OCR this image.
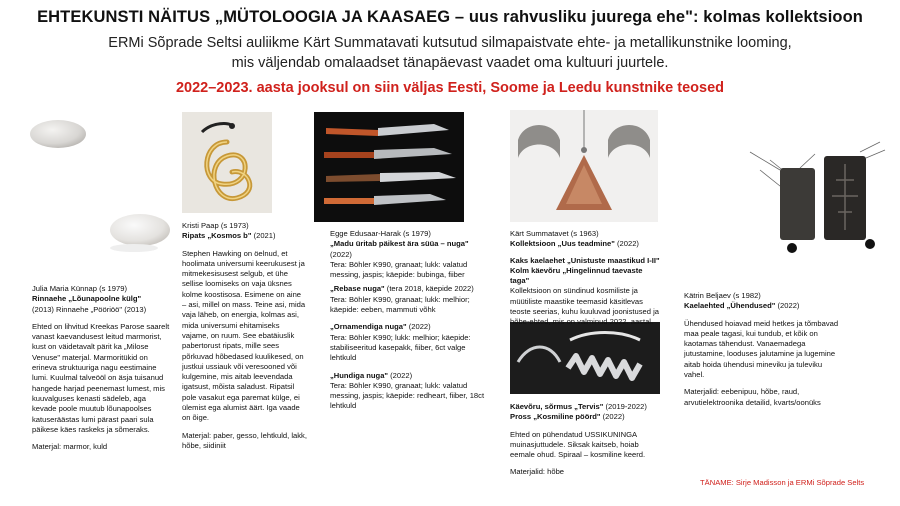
EHTEKUNSTI NÄITUS „MÜTOLOOGIA JA KAASAEG – uus rahvusliku juurega ehe": kolmas kollektsioon
ERMi Sõprade Seltsi auliikme Kärt Summatavati kutsutud silmapaistvate ehte- ja metallikunstnike looming,
mis väljendab omalaadset tänapäevast vaadet oma kultuuri juurtele.
2022–2023. aasta jooksul on siin väljas Eesti, Soome ja Leedu kunstnike teosed

Julia Maria Künnap (s 1979)
Rinnaehe „Lõunapoolne külg"
(2013) Rinnaehe „Pööriöö" (2013)

Ehted on lihvitud Kreekas Parose saarelt vanast kaevandusest leitud marmorist, kust on väidetavalt pärit ka „Milose Venuse" materjal. Marmoritükid on erineva struktuuriga nagu eestimaine lumi. Kuulmal talveööl on äsja tuisanud hangede harjad peenemast lumest, mis kuuvalguses kenasti sädeleb, aga kevade poole muutub lõunapoolses katuseräästas lumi pärast paari sula päikese käes raskeks ja sõmeraks.

Materjal: marmor, kuld

Kristi Paap (s 1973)
Ripats „Kosmos b" (2021)

Stephen Hawking on öelnud, et hoolimata universumi keerukusest ja mitmekesisusest selgub, et ühe sellise loomiseks on vaja üksnes kolme koostisosa. Esimene on aine – asi, millel on mass. Teine asi, mida vaja läheb, on energia, kolmas asi, mida universumi ehitamiseks vajame, on ruum. See ebatäiuslik pabertorust ripats, mille sees põrkuvad hõbedased kuulikesed, on justkui ussiauk või veresooned või kulgemine, mis aitab leevendada igatsust, mõista saladust. Ripatsil pole vasakut ega paremat külge, ei ülemist ega alumist äärt. Iga vaade on õige.

Materjal: paber, gesso, lehtkuld, lakk, hõbe, siidiniit

Egge Edusaar-Harak (s 1979)
„Madu üritab päikest ära süüa – nuga" (2022)
Tera: Böhler K990, granaat; lukk: valatud messing, jaspis; käepide: bubinga, fiiber

„Rebase nuga" (tera 2018, käepide 2022)
Tera: Böhler K990, granaat; lukk: melhior; käepide: eeben, mammuti võhk

„Ornamendiga nuga" (2022)
Tera: Böhler K990; lukk: melhior; käepide: stabiliseeritud kasepakk, fiiber, 6ct valge lehtkuld

„Hundiga nuga" (2022)
Tera: Böhler K990, granaat; lukk: valatud messing, jaspis; käepide: redheart, fiiber, 18ct lehtkuld

Kärt Summatavet (s 1963)
Kollektsioon „Uus teadmine" (2022)

Kaks kaelaehet „Unistuste maastikud I-II"
Kolm käevõru „Hingelinnud taevaste taga"
Kollektsioon on sündinud kosmiliste ja müütiliste maastike teemasid käsitlevas teoste seerias, kuhu kuuluvad joonistused ja hõbe-ehted, mis on valminud 2022. aastal.

Käevõru, sõrmus „Tervis" (2019-2022)
Pross „Kosmiline pöörd" (2022)

Ehted on pühendatud USSIKUNINGA muinasjuttudele. Siksak kaitseb, hoiab eemale ohud. Spiraal – kosmiline keerd.

Materjalid: hõbe

Kätrin Beljaev (s 1982)
Kaelaehted „Ühendused" (2022)

Ühendused hoiavad meid hetkes ja tõmbavad maa peale tagasi, kui tundub, et kõik on kaotamas tähendust. Vanaemadega jutustamine, looduses jalutamine ja lugemine aitab hoida ühendusi mineviku ja tuleviku vahel.

Materjalid: eebenipuu, hõbe, raud, arvutielektroonika detailid, kvarts/oonüks

TÄNAME: Sirje Madisson ja ERMi Sõprade Selts
